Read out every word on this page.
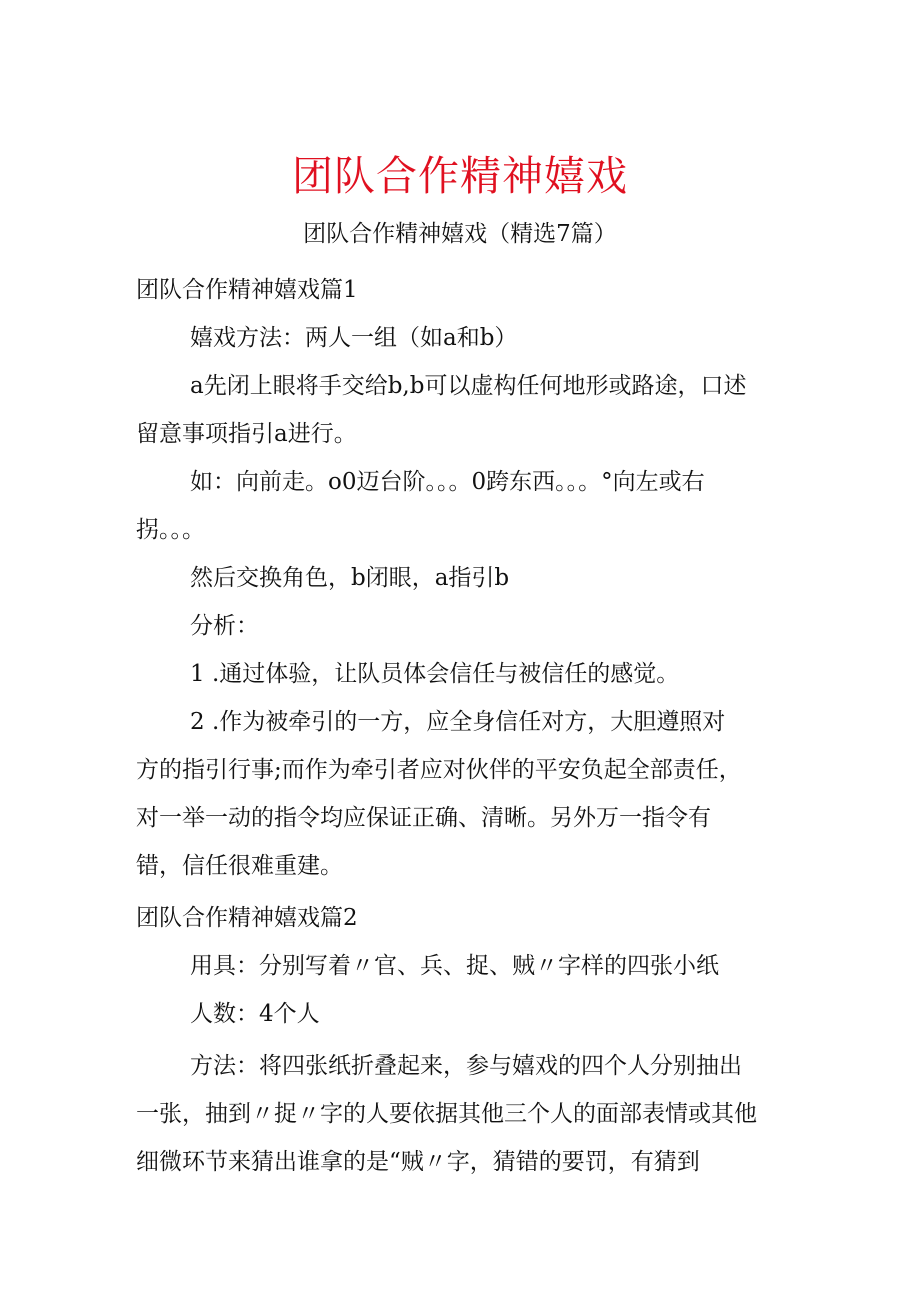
团队合作精神嬉戏
团队合作精神嬉戏（精选7篇）
团队合作精神嬉戏篇1
嬉戏方法：两人一组（如a和b）
a先闭上眼将手交给b,b可以虚构任何地形或路途，口述
留意事项指引a进行。
如：向前走。o0迈台阶。。。0跨东西。。。°向左或右
拐。。。
然后交换角色，b闭眼，a指引b
分析：
1 .通过体验，让队员体会信任与被信任的感觉。
2 .作为被牵引的一方，应全身信任对方，大胆遵照对
方的指引行事;而作为牵引者应对伙伴的平安负起全部责任，
对一举一动的指令均应保证正确、清晰。另外万一指令有
错，信任很难重建。
团队合作精神嬉戏篇2
用具：分别写着〃官、兵、捉、贼〃字样的四张小纸
人数：4个人
方法：将四张纸折叠起来，参与嬉戏的四个人分别抽出
一张，抽到〃捉〃字的人要依据其他三个人的面部表情或其他
细微环节来猜出谁拿的是“贼〃字，猜错的要罚，有猜到
